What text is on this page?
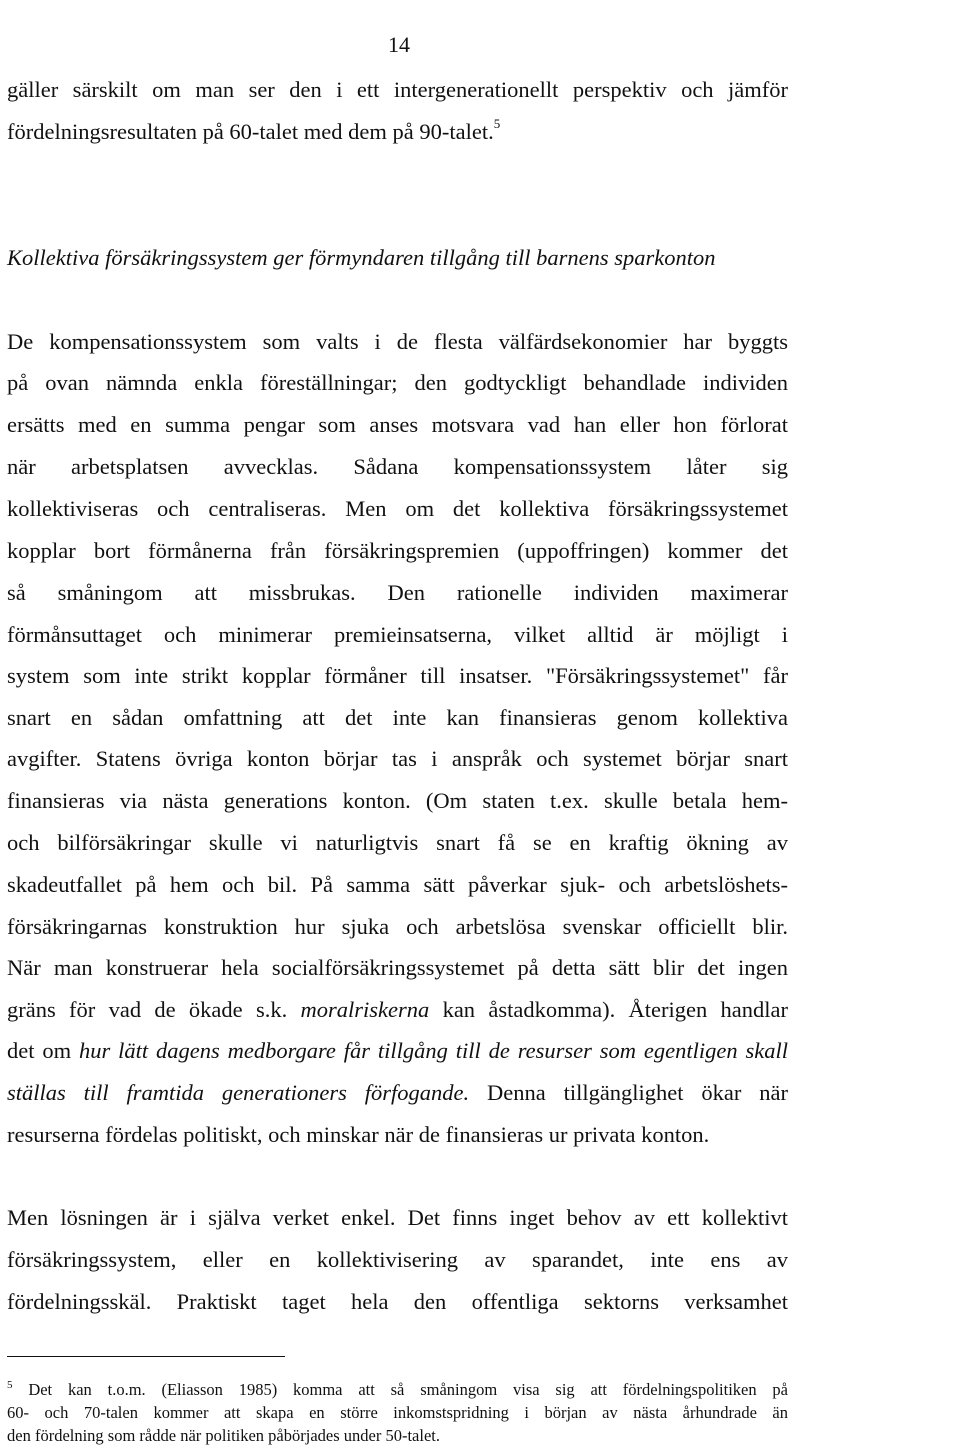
14
gäller särskilt om man ser den i ett intergenerationellt perspektiv och jämför
fördelningsresultaten på 60-talet med dem på 90-talet.$^5$
Kollektiva försäkringssystem ger förmyndaren tillgång till barnens sparkonton
De kompensationssystem som valts i de flesta välfärdsekonomier har byggts
på ovan nämnda enkla föreställningar; den godtyckligt behandlade individen
ersätts med en summa pengar som anses motsvara vad han eller hon förlorat
när arbetsplatsen avvecklas. Sådana kompensationssystem låter sig
kollektiviseras och centraliseras. Men om det kollektiva försäkringssystemet
kopplar bort förmånerna från försäkringspremien (uppoffringen) kommer det
så småningom att missbrukas. Den rationelle individen maximerar
förmånsuttaget och minimerar premieinsatserna, vilket alltid är möjligt i
system som inte strikt kopplar förmåner till insatser. "Försäkringssystemet" får
snart en sådan omfattning att det inte kan finansieras genom kollektiva
avgifter. Statens övriga konton börjar tas i anspråk och systemet börjar snart
finansieras via nästa generations konton. (Om staten t.ex. skulle betala hem-
och bilförsäkringar skulle vi naturligtvis snart få se en kraftig ökning av
skadeutfallet på hem och bil. På samma sätt påverkar sjuk- och arbetslöshets-
försäkringarnas konstruktion hur sjuka och arbetslösa svenskar officiellt blir.
När man konstruerar hela socialförsäkringssystemet på detta sätt blir det ingen
gräns för vad de ökade s.k. moralriskerna kan åstadkomma). Återigen handlar
det om hur lätt dagens medborgare får tillgång till de resurser som egentligen skall
ställas till framtida generationers förfogande. Denna tillgänglighet ökar när
resurserna fördelas politiskt, och minskar när de finansieras ur privata konton.
Men lösningen är i själva verket enkel. Det finns inget behov av ett kollektivt
försäkringssystem, eller en kollektivisering av sparandet, inte ens av
fördelningsskäl. Praktiskt taget hela den offentliga sektorns verksamhet
$^5$ Det kan t.o.m. (Eliasson 1985) komma att så småningom visa sig att fördelningspolitiken på
60- och 70-talen kommer att skapa en större inkomstspridning i början av nästa århundrade än
den fördelning som rådde när politiken påbörjades under 50-talet.
